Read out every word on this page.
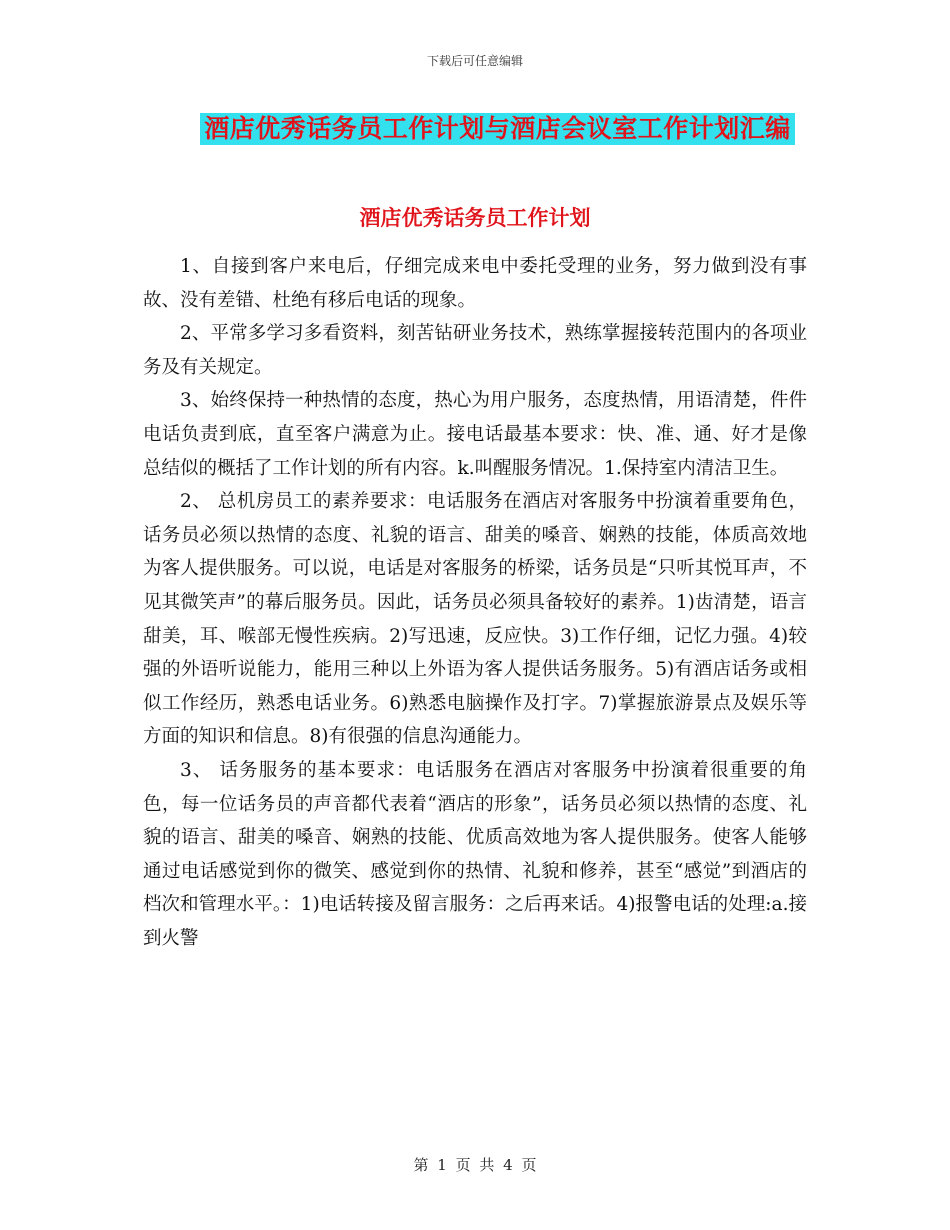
下载后可任意编辑
酒店优秀话务员工作计划与酒店会议室工作计划汇编
酒店优秀话务员工作计划

1、自接到客户来电后，仔细完成来电中委托受理的业务，努力做到没有事故、没有差错、杜绝有移后电话的现象。

2、平常多学习多看资料，刻苦钻研业务技术，熟练掌握接转范围内的各项业务及有关规定。

3、始终保持一种热情的态度，热心为用户服务，态度热情，用语清楚，件件电话负责到底，直至客户满意为止。接电话最基本要求：快、准、通、好才是像总结似的概括了工作计划的所有内容。k.叫醒服务情况。1.保持室内清洁卫生。

2、 总机房员工的素养要求：电话服务在酒店对客服务中扮演着重要角色，话务员必须以热情的态度、礼貌的语言、甜美的嗓音、娴熟的技能，体质高效地为客人提供服务。可以说，电话是对客服务的桥梁，话务员是“只听其悦耳声，不见其微笑声”的幕后服务员。因此，话务员必须具备较好的素养。1)齿清楚，语言甜美，耳、喉部无慢性疾病。2)写迅速，反应快。3)工作仔细，记忆力强。4)较强的外语听说能力，能用三种以上外语为客人提供话务服务。5)有酒店话务或相似工作经历，熟悉电话业务。6)熟悉电脑操作及打字。7)掌握旅游景点及娱乐等方面的知识和信息。8)有很强的信息沟通能力。

3、 话务服务的基本要求：电话服务在酒店对客服务中扮演着很重要的角色，每一位话务员的声音都代表着“酒店的形象”，话务员必须以热情的态度、礼貌的语言、甜美的嗓音、娴熟的技能、优质高效地为客人提供服务。使客人能够通过电话感觉到你的微笑、感觉到你的热情、礼貌和修养，甚至“感觉”到酒店的档次和管理水平。：1)电话转接及留言服务：之后再来话。4)报警电话的处理:a.接到火警

第 1 页 共 4 页
